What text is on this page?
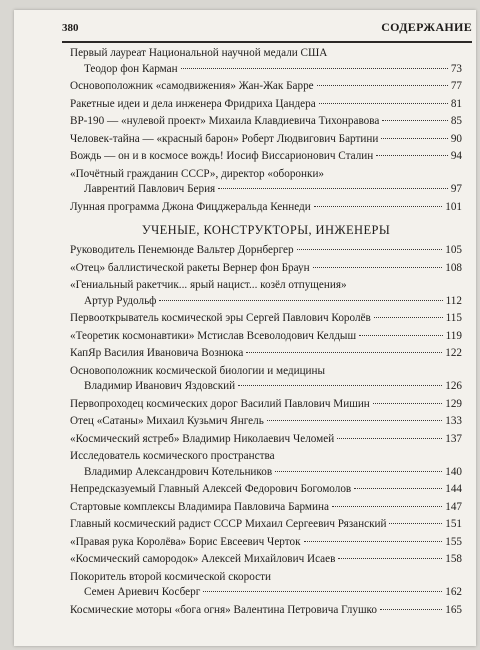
380	СОДЕРЖАНИЕ
Первый лауреат Национальной научной медали США
Теодор фон Карман	73
Основоположник «самодвижения» Жан-Жак Барре	77
Ракетные идеи и дела инженера Фридриха Цандера	81
ВР-190 — «нулевой проект» Михаила Клавдиевича Тихонравова	85
Человек-тайна — «красный барон» Роберт Людвигович Бартини	90
Вождь — он и в космосе вождь! Иосиф Виссарионович Сталин	94
«Почётный гражданин СССР», директор «оборонки»
Лаврентий Павлович Берия	97
Лунная программа Джона Фицджеральда Кеннеди	101
УЧЕНЫЕ, КОНСТРУКТОРЫ, ИНЖЕНЕРЫ
Руководитель Пенемюнде Вальтер Дорнбергер	105
«Отец» баллистической ракеты Вернер фон Браун	108
«Гениальный ракетчик... ярый нацист... козёл отпущения»
Артур Рудольф	112
Первооткрыватель космической эры Сергей Павлович Королёв	115
«Теоретик космонавтики» Мстислав Всеволодович Келдыш	119
КапЯр Василия Ивановича Вознюка	122
Основоположник космической биологии и медицины
Владимир Иванович Яздовский	126
Первопроходец космических дорог Василий Павлович Мишин	129
Отец «Сатаны» Михаил Кузьмич Янгель	133
«Космический ястреб» Владимир Николаевич Челомей	137
Исследователь космического пространства
Владимир Александрович Котельников	140
Непредсказуемый Главный Алексей Федорович Богомолов	144
Стартовые комплексы Владимира Павловича Бармина	147
Главный космический радист СССР Михаил Сергеевич Рязанский	151
«Правая рука Королёва» Борис Евсеевич Черток	155
«Космический самородок» Алексей Михайлович Исаев	158
Покоритель второй космической скорости
Семен Ариевич Косберг	162
Космические моторы «бога огня» Валентина Петровича Глушко	165
